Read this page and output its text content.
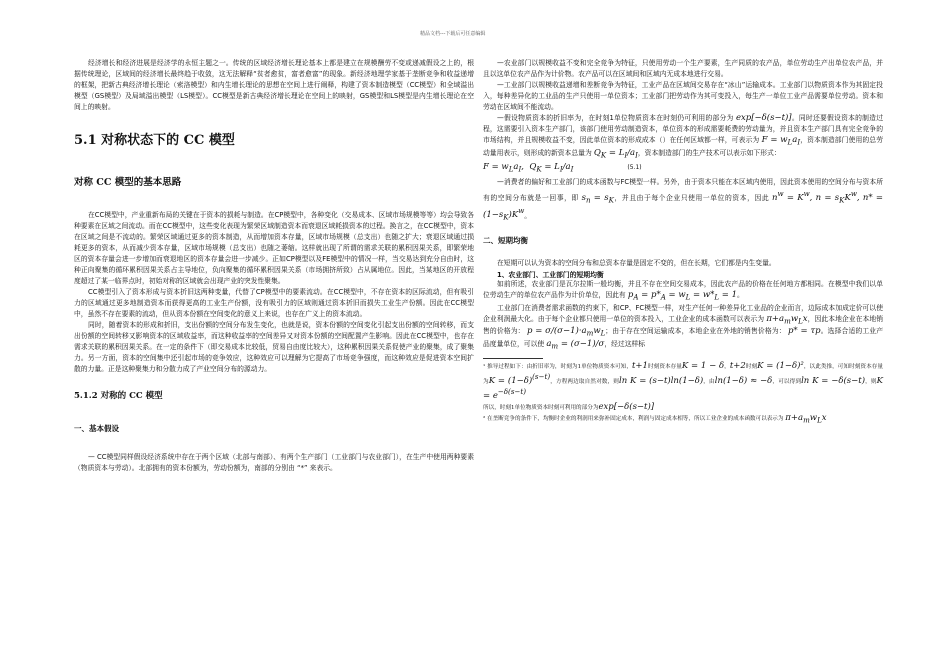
精品文档---下载后可任意编辑

经济增长和经济进展是经济学的永恒主题之一。传统的区域经济增长理论基本上都是建立在规模酬劳不变或递减假设之上的，根据传统理论，区域间的经济增长最终趋于收敛，这无法解释“贫者愈贫，富者愈富”的现象。新经济地理学家基于垄断竞争和收益递增的框架，把新古典经济增长理论（索洛模型）和内生增长理论的思想在空间上进行阐释，构建了资本制造模型（CC模型）和全域溢出模型（GS模型）及局域溢出模型（LS模型）。CC模型是新古典经济增长理论在空间上的映射，GS模型和LS模型是内生增长理论在空间上的映射。

5.1 对称状态下的 CC 模型
对称 CC 模型的基本思路

在CC模型中，产业重新布局的关键在于资本的损耗与制造。在CP模型中，各种变化（交易成本、区域市场规模等等）均会导致各种要素在区域之间流动。而在CC模型中，这些变化表现为繁荣区域制造资本而衰退区域耗损资本的过程。换言之，在CC模型中，资本在区域之间是不流动的。繁荣区域通过更多的资本制造，从而增加资本存量，区域市场规模（总支出）也随之扩大；衰退区域通过损耗更多的资本，从而减少资本存量，区域市场规模（总支出）也随之萎缩。这样就出现了所谓的需求关联的累积因果关系，即繁荣地区的资本存量会进一步增加而衰退地区的资本存量会进一步减少。正如CP模型以及FE模型中的情况一样，当交易达到充分自由时，这种正向聚集的循环累积因果关系占主导地位，负向聚集的循环累积因果关系（市场拥挤所致）占从属地位。因此，当某地区的开放程度超过了某一临界点时，初始对称的区域就会出现产业的突发性聚集。

CC模型引入了资本形成与资本折旧这两种变量，代替了CP模型中的要素流动。在CC模型中，不存在资本的区际流动，但有吸引力的区域通过更多地制造资本而获得更高的工业生产份额，没有吸引力的区域则通过资本折旧而损失工业生产份额。因此在CC模型中，虽然不存在要素的流动，但从资本份额在空间变化的意义上来说，也存在广义上的资本流动。

同时，随着资本的形成和折旧，支出份额的空间分布发生变化，也就是说，资本份额的空间变化引起支出份额的空间转移，而支出份额的空间转移又影响资本的区域收益率，而这种收益率的空间差异又对资本份额的空间配置产生影响。因此在CC模型中，也存在需求关联的累积因果关系。在一定的条件下（即交易成本比较低，贸易自由度比较大），这种累积因果关系促使产业的聚集，成了聚集力。另一方面，资本的空间集中还引起市场的竞争效应，这种效应可以理解为它提高了市场竞争强度，而这种效应是促进资本空间扩散的力量。正是这种聚集力和分散力成了产业空间分布的源动力。

5.1.2 对称的 CC 模型
一、基本假设

— CC模型同样假设经济系统中存在于两个区域（北部与南部）、有两个生产部门（工业部门与农业部门），在生产中使用两种要素（物质资本与劳动）。北部拥有的资本份额为，劳动份额为，南部的分别由 “*” 来表示。

—农业部门以规模收益不变和完全竞争为特征，只使用劳动一个生产要素，生产同质的农产品，单位劳动生产出单位农产品，并且以这单位农产品作为计价物。农产品可以在区域间和区域内无成本地进行交易。

—工业部门以规模收益递增和差断竞争为特征，工业产品在区域间交易存在“冰山”运输成本。工业部门以物质资本作为其固定投入，每种差异化的工业品的生产只使用一单位资本；工业部门把劳动作为其可变投入，每生产一单位工业产品需要单位劳动。资本和劳动在区域间不能流动。

—假设物质资本的折旧率为，在时刻1单位物质资本在时刻仍可利用的部分为 exp[−δ(s−t)]。同时还要假设资本的制造过程，这需要引入资本生产部门，该部门使用劳动制造资本，单位资本的形成需要耗费的劳动量为，并且资本生产部门具有完全竞争的市场结构，并且规模收益不变，因此单位资本的形成成本（）在任何区域都一样，可表示为 $F = w_La_I$，资本制造部门使用的总劳动量用表示，则形成的新资本总量为 $Q_K = L_I/a_I$，资本制造部门的生产技术可以表示如下形式：

$F = w_La_I$,  $Q_K = L_I/a_I$	(5.1)

—消费者的偏好和工业部门的成本函数与FC模型一样。另外，由于资本只能在本区域内使用，因此资本使用的空间分布与资本所有的空间分布就是一回事，即 $s_n = s_K$，并且由于每个企业只使用一单位的资本，因此 $n^w = K^w$, $n = s_KK^w$, $n* = (1-s_K)K^w$。

二、短期均衡

在短期可以认为资本的空间分布和总资本存量是固定不变的，但在长期，它们都是内生变量。

1、农业部门、工业部门的短期均衡

如前所述，农业部门是瓦尔拉斯一般均衡，并且不存在空间交易成本，因此农产品的价格在任何地方都相同。在模型中我们以单位劳动生产的单位农产品作为计价单位，因此有 $p_A = p*_A = w_L = w*_L = 1$。

工业部门在消费者需求函数的约束下，和CP、FC模型一样，对生产任何一种差异化工业品的企业而言，边际成本加成定价可以使企业利润最大化。由于每个企业都只使用一单位的资本投入，工业企业的成本函数可以表示为 $\pi+a_mw_Lx$，因此本地企业在本地销售的价格为： $p = \sigma/(\sigma-1)\cdot a_mw_L$；由于存在空间运输成本，本地企业在外地的销售价格为： p* = τp。选择合适的工业产品度量单位，可以使 $a_m = (\sigma-1)/\sigma$，经过这样标

¹ 推导过程如下：由折旧率为，时刻为1单位物质资本可知，t+1时刻资本存量K = 1 − δ，t+2时刻K = (1−δ)²，以此类推，可知时刻资本存量为$K = (1-\delta)^{(s-t)}$，方程两边取自然对数，则ln K = (s−t)ln(1−δ)，由ln(1−δ) ≈ −δ，可以得到ln K = −δ(s−t)，则$K = e^{-\delta(s-t)}$

所以，时刻1单位物质资本时刻可利用的部分为exp[−δ(s−t)]

² 在垄断竞争的条件下，均衡时企业的利润用来弥补固定成本，利润与固定成本相等，所以工业企业的成本函数可以表示为 $\pi+a_mw_Lx$
